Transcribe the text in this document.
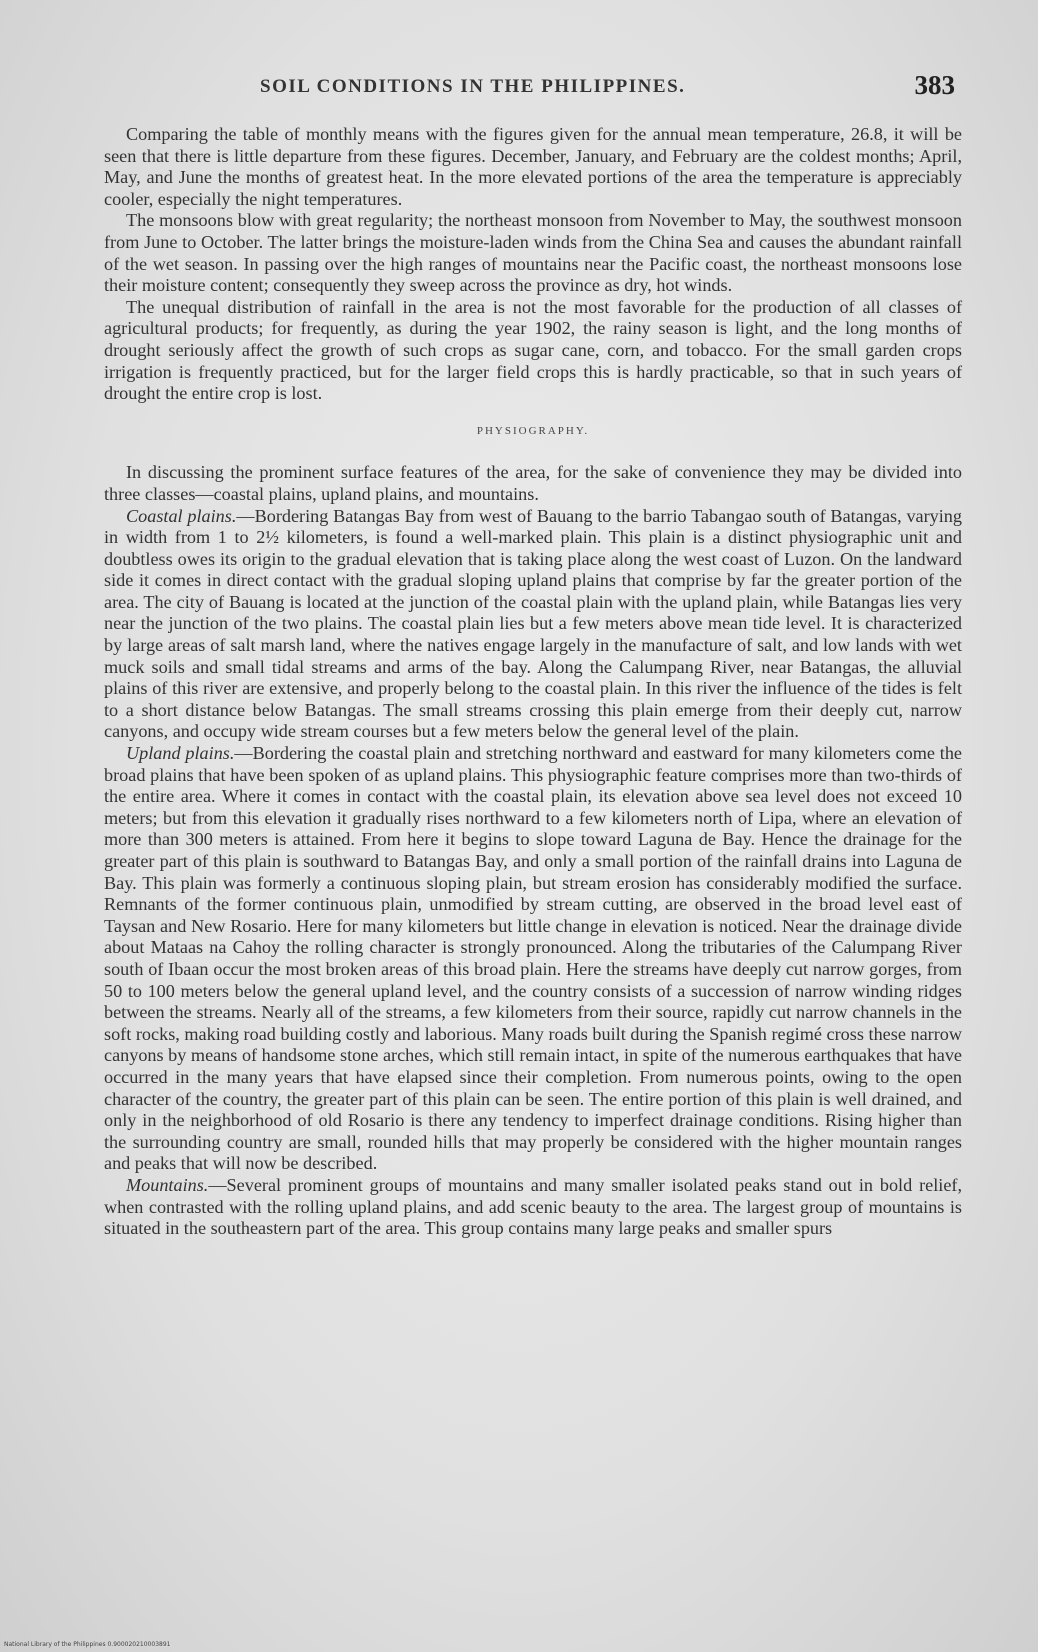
SOIL CONDITIONS IN THE PHILIPPINES.	383

Comparing the table of monthly means with the figures given for the annual mean temperature, 26.8, it will be seen that there is little departure from these figures. December, January, and February are the coldest months; April, May, and June the months of greatest heat. In the more elevated portions of the area the temperature is appreciably cooler, especially the night temperatures.

The monsoons blow with great regularity; the northeast monsoon from November to May, the southwest monsoon from June to October. The latter brings the moisture-laden winds from the China Sea and causes the abundant rainfall of the wet season. In passing over the high ranges of mountains near the Pacific coast, the northeast monsoons lose their moisture content; consequently they sweep across the province as dry, hot winds.

The unequal distribution of rainfall in the area is not the most favorable for the production of all classes of agricultural products; for frequently, as during the year 1902, the rainy season is light, and the long months of drought seriously affect the growth of such crops as sugar cane, corn, and tobacco. For the small garden crops irrigation is frequently practiced, but for the larger field crops this is hardly practicable, so that in such years of drought the entire crop is lost.

PHYSIOGRAPHY.

In discussing the prominent surface features of the area, for the sake of convenience they may be divided into three classes—coastal plains, upland plains, and mountains.

Coastal plains.—Bordering Batangas Bay from west of Bauang to the barrio Tabangao south of Batangas, varying in width from 1 to 2½ kilometers, is found a well-marked plain. This plain is a distinct physiographic unit and doubtless owes its origin to the gradual elevation that is taking place along the west coast of Luzon. On the landward side it comes in direct contact with the gradual sloping upland plains that comprise by far the greater portion of the area. The city of Bauang is located at the junction of the coastal plain with the upland plain, while Batangas lies very near the junction of the two plains. The coastal plain lies but a few meters above mean tide level. It is characterized by large areas of salt marsh land, where the natives engage largely in the manufacture of salt, and low lands with wet muck soils and small tidal streams and arms of the bay. Along the Calumpang River, near Batangas, the alluvial plains of this river are extensive, and properly belong to the coastal plain. In this river the influence of the tides is felt to a short distance below Batangas. The small streams crossing this plain emerge from their deeply cut, narrow canyons, and occupy wide stream courses but a few meters below the general level of the plain.

Upland plains.—Bordering the coastal plain and stretching northward and eastward for many kilometers come the broad plains that have been spoken of as upland plains. This physiographic feature comprises more than two-thirds of the entire area. Where it comes in contact with the coastal plain, its elevation above sea level does not exceed 10 meters; but from this elevation it gradually rises northward to a few kilometers north of Lipa, where an elevation of more than 300 meters is attained. From here it begins to slope toward Laguna de Bay. Hence the drainage for the greater part of this plain is southward to Batangas Bay, and only a small portion of the rainfall drains into Laguna de Bay. This plain was formerly a continuous sloping plain, but stream erosion has considerably modified the surface. Remnants of the former continuous plain, unmodified by stream cutting, are observed in the broad level east of Taysan and New Rosario. Here for many kilometers but little change in elevation is noticed. Near the drainage divide about Mataas na Cahoy the rolling character is strongly pronounced. Along the tributaries of the Calumpang River south of Ibaan occur the most broken areas of this broad plain. Here the streams have deeply cut narrow gorges, from 50 to 100 meters below the general upland level, and the country consists of a succession of narrow winding ridges between the streams. Nearly all of the streams, a few kilometers from their source, rapidly cut narrow channels in the soft rocks, making road building costly and laborious. Many roads built during the Spanish regimé cross these narrow canyons by means of handsome stone arches, which still remain intact, in spite of the numerous earthquakes that have occurred in the many years that have elapsed since their completion. From numerous points, owing to the open character of the country, the greater part of this plain can be seen. The entire portion of this plain is well drained, and only in the neighborhood of old Rosario is there any tendency to imperfect drainage conditions. Rising higher than the surrounding country are small, rounded hills that may properly be considered with the higher mountain ranges and peaks that will now be described.

Mountains.—Several prominent groups of mountains and many smaller isolated peaks stand out in bold relief, when contrasted with the rolling upland plains, and add scenic beauty to the area. The largest group of mountains is situated in the southeastern part of the area. This group contains many large peaks and smaller spurs

National Library of the Philippines 0.900020210003891
